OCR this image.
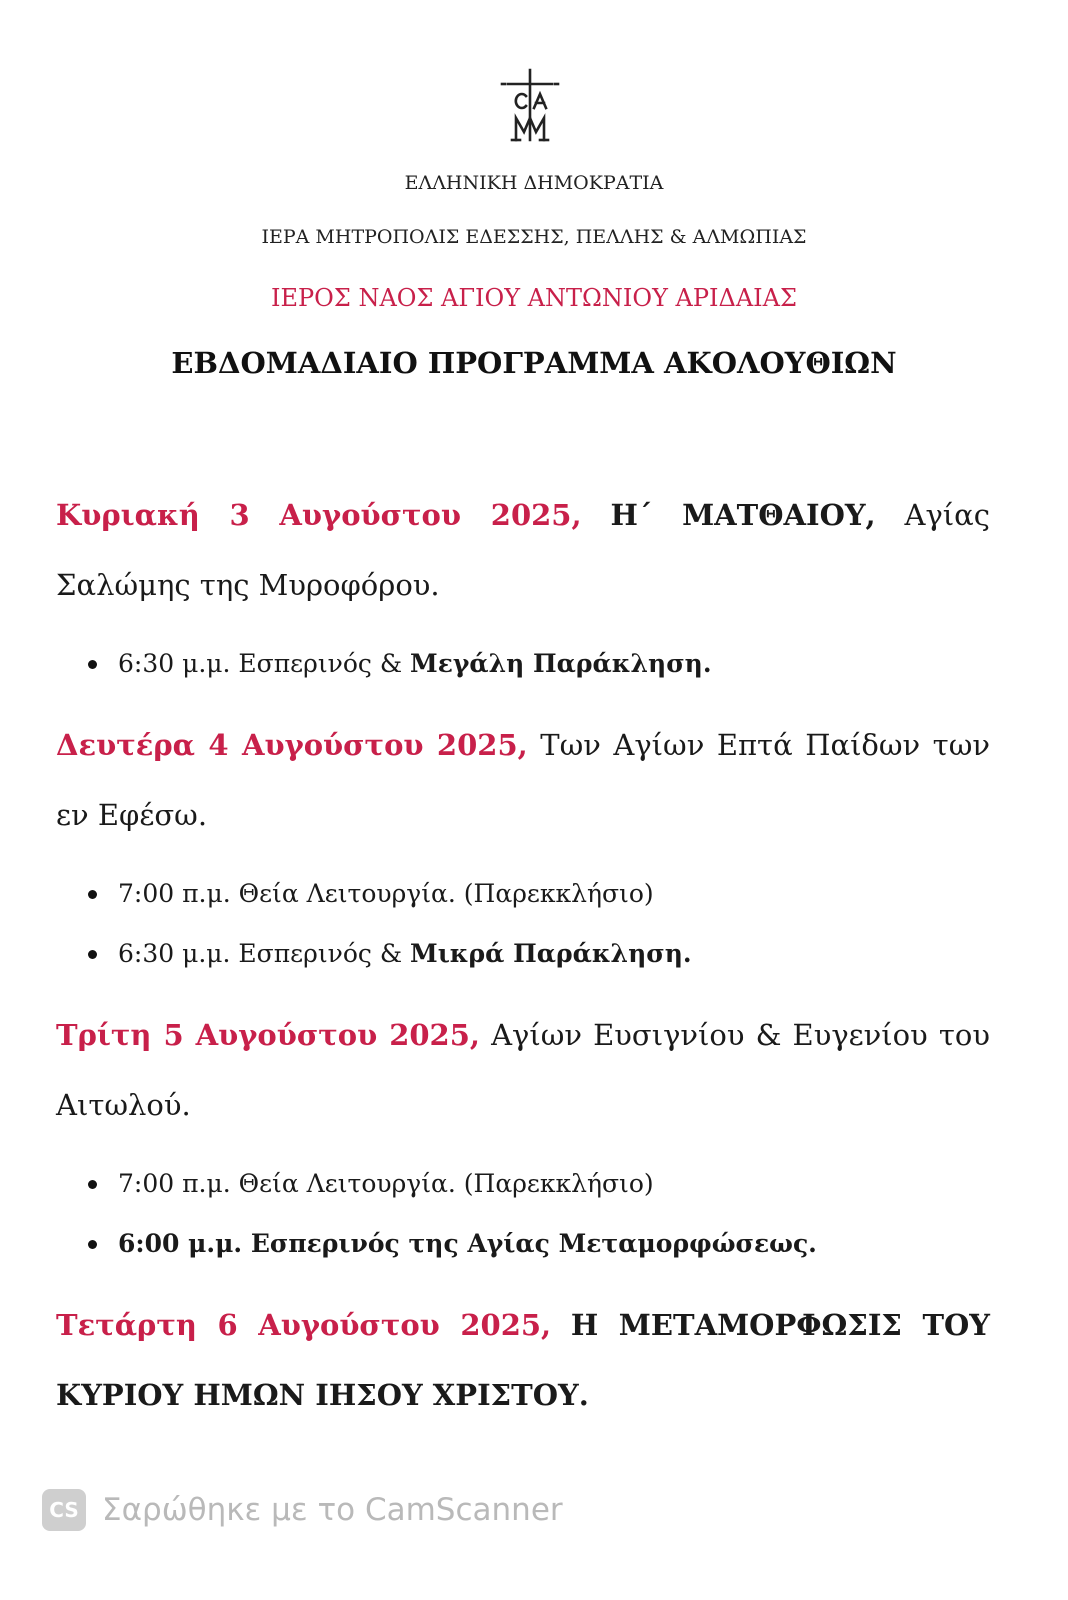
ΕΛΛΗΝΙΚΗ ΔΗΜΟΚΡΑΤΙΑ
ΙΕΡΑ ΜΗΤΡΟΠΟΛΙΣ ΕΔΕΣΣΗΣ, ΠΕΛΛΗΣ & ΑΛΜΩΠΙΑΣ
ΙΕΡΟΣ ΝΑΟΣ ΑΓΙΟΥ ΑΝΤΩΝΙΟΥ ΑΡΙΔΑΙΑΣ
ΕΒΔΟΜΑΔΙΑΙΟ ΠΡΟΓΡΑΜΜΑ ΑΚΟΛΟΥΘΙΩΝ

Κυριακή 3 Αυγούστου 2025, Η΄ ΜΑΤΘΑΙΟΥ, Αγίας Σαλώμης της Μυροφόρου.

6:30 μ.μ. Εσπερινός & Μεγάλη Παράκληση.

Δευτέρα 4 Αυγούστου 2025, Των Αγίων Επτά Παίδων των εν Εφέσω.

7:00 π.μ. Θεία Λειτουργία. (Παρεκκλήσιο)
6:30 μ.μ. Εσπερινός & Μικρά Παράκληση.

Τρίτη 5 Αυγούστου 2025, Αγίων Ευσιγνίου & Ευγενίου του Αιτωλού.

7:00 π.μ. Θεία Λειτουργία. (Παρεκκλήσιο)
6:00 μ.μ. Εσπερινός της Αγίας Μεταμορφώσεως.

Τετάρτη 6 Αυγούστου 2025, Η ΜΕΤΑΜΟΡΦΩΣΙΣ ΤΟΥ ΚΥΡΙΟΥ ΗΜΩΝ ΙΗΣΟΥ ΧΡΙΣΤΟΥ.

CS Σαρώθηκε με το CamScanner
